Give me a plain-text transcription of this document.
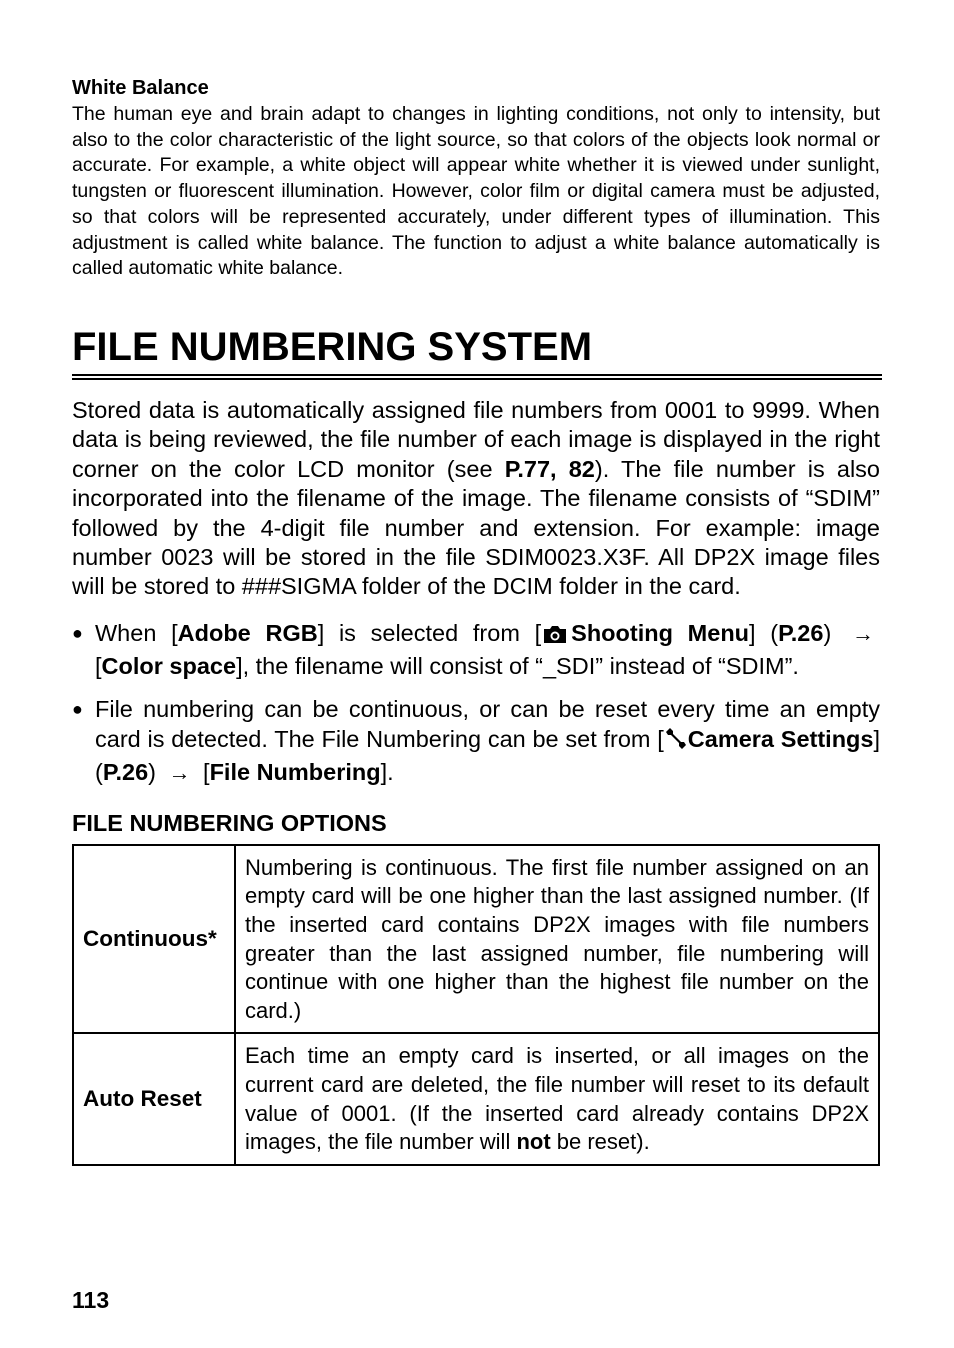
White Balance

The human eye and brain adapt to changes in lighting conditions, not only to intensity, but also to the color characteristic of the light source, so that colors of the objects look normal or accurate. For example, a white object will appear white whether it is viewed under sunlight, tungsten or fluorescent illumination. However, color film or digital camera must be adjusted, so that colors will be represented accurately, under different types of illumination. This adjustment is called white balance. The function to adjust a white balance automatically is called automatic white balance.

FILE NUMBERING SYSTEM

Stored data is automatically assigned file numbers from 0001 to 9999. When data is being reviewed, the file number of each image is displayed in the right corner on the color LCD monitor (see P.77, 82). The file number is also incorporated into the filename of the image. The filename consists of “SDIM” followed by the 4-digit file number and extension. For example: image number 0023 will be stored in the file SDIM0023.X3F. All DP2X image files will be stored to ###SIGMA folder of the DCIM folder in the card.

● When [Adobe RGB] is selected from [ Shooting Menu] (P.26) → [Color space], the filename will consist of “_SDI” instead of “SDIM”.
● File numbering can be continuous, or can be reset every time an empty card is detected. The File Numbering can be set from [ Camera Settings] (P.26) → [File Numbering].

FILE NUMBERING OPTIONS

Continuous*	Numbering is continuous. The first file number assigned on an empty card will be one higher than the last assigned number. (If the inserted card contains DP2X images with file numbers greater than the last assigned number, file numbering will continue with one higher than the highest file number on the card.)
Auto Reset	Each time an empty card is inserted, or all images on the current card are deleted, the file number will reset to its default value of 0001. (If the inserted card already contains DP2X images, the file number will not be reset).
113
